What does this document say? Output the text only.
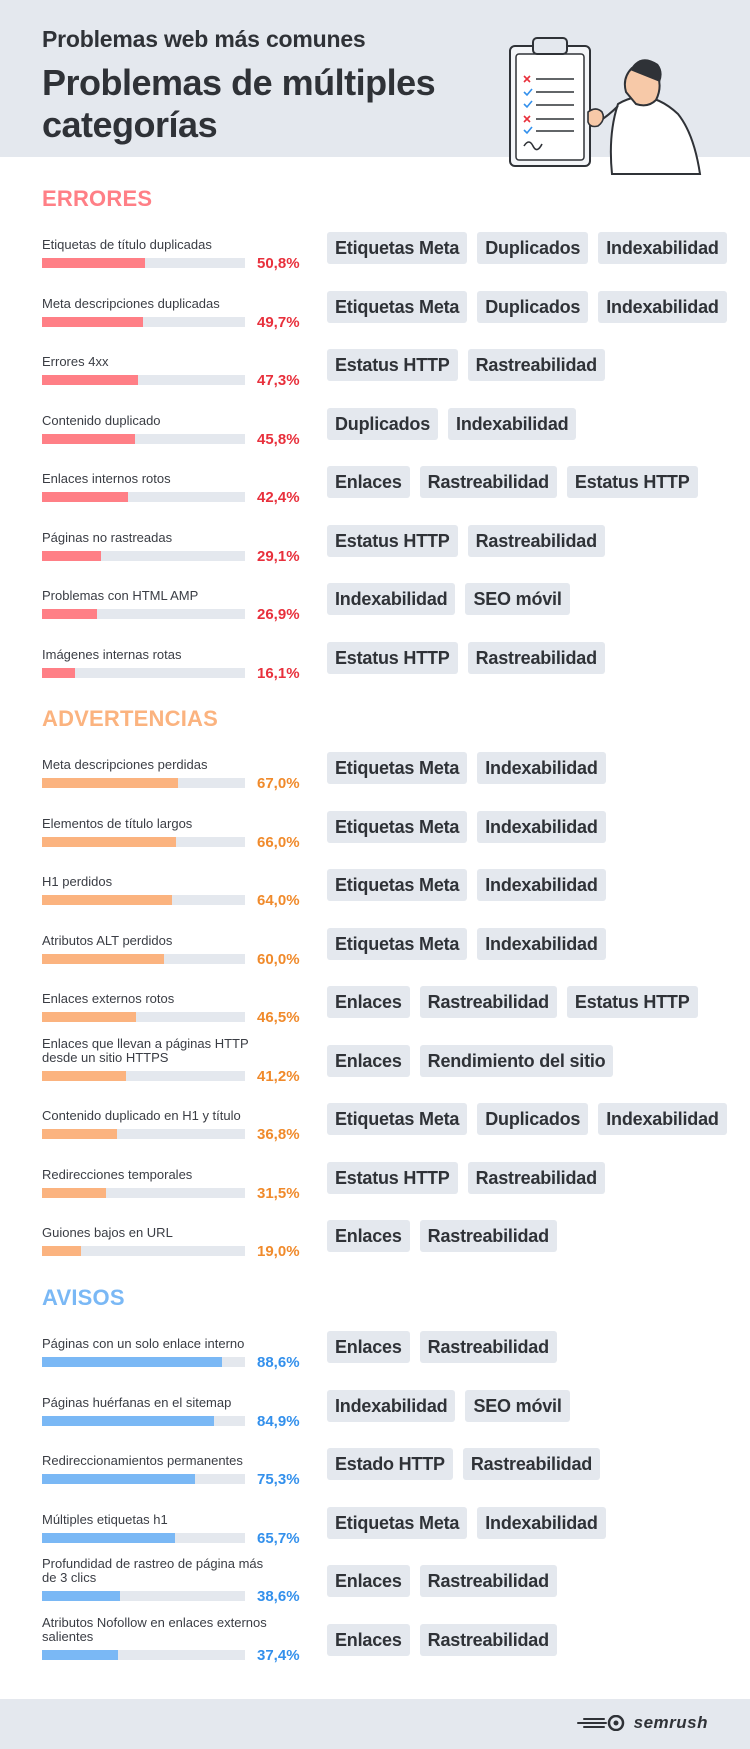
Problemas web más comunes
Problemas de múltiples categorías
ERRORES
Etiquetas de título duplicadas
50,8%
Etiquetas Meta	Duplicados	Indexabilidad
Meta descripciones duplicadas
49,7%
Etiquetas Meta	Duplicados	Indexabilidad
Errores 4xx
47,3%
Estatus HTTP	Rastreabilidad
Contenido duplicado
45,8%
Duplicados	Indexabilidad
Enlaces internos rotos
42,4%
Enlaces	Rastreabilidad	Estatus HTTP
Páginas no rastreadas
29,1%
Estatus HTTP	Rastreabilidad
Problemas con HTML AMP
26,9%
Indexabilidad	SEO móvil
Imágenes internas rotas
16,1%
Estatus HTTP	Rastreabilidad
ADVERTENCIAS
Meta descripciones perdidas
67,0%
Etiquetas Meta	Indexabilidad
Elementos de título largos
66,0%
Etiquetas Meta	Indexabilidad
H1 perdidos
64,0%
Etiquetas Meta	Indexabilidad
Atributos ALT perdidos
60,0%
Etiquetas Meta	Indexabilidad
Enlaces externos rotos
46,5%
Enlaces	Rastreabilidad	Estatus HTTP
Enlaces que llevan a páginas HTTP desde un sitio HTTPS
41,2%
Enlaces	Rendimiento del sitio
Contenido duplicado en H1 y título
36,8%
Etiquetas Meta	Duplicados	Indexabilidad
Redirecciones temporales
31,5%
Estatus HTTP	Rastreabilidad
Guiones bajos en URL
19,0%
Enlaces	Rastreabilidad
AVISOS
Páginas con un solo enlace interno
88,6%
Enlaces	Rastreabilidad
Páginas huérfanas en el sitemap
84,9%
Indexabilidad	SEO móvil
Redireccionamientos permanentes
75,3%
Estado HTTP	Rastreabilidad
Múltiples etiquetas h1
65,7%
Etiquetas Meta	Indexabilidad
Profundidad de rastreo de página más de 3 clics
38,6%
Enlaces	Rastreabilidad
Atributos Nofollow en enlaces externos salientes
37,4%
Enlaces	Rastreabilidad
semrush
